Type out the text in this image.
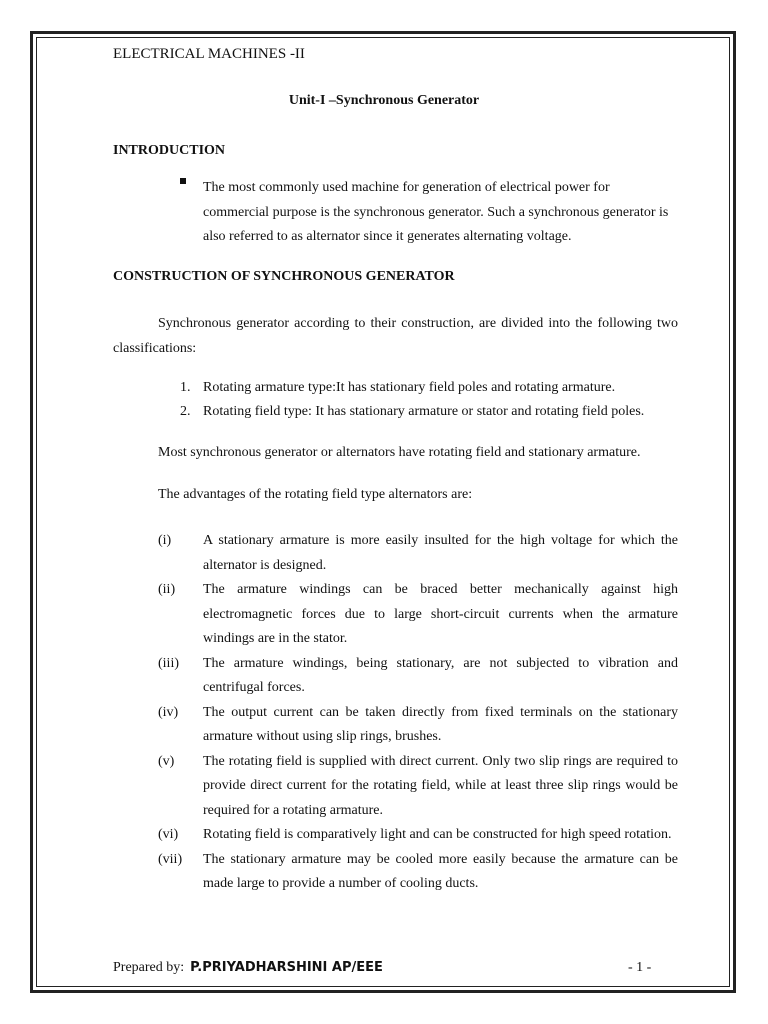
ELECTRICAL MACHINES -II
Unit-I –Synchronous Generator
INTRODUCTION
The most commonly used machine for generation of electrical power for commercial purpose is the synchronous generator. Such a synchronous generator is also referred to as alternator since it generates alternating voltage.
CONSTRUCTION OF SYNCHRONOUS GENERATOR
Synchronous generator according to their construction, are divided into the following two classifications:
1. Rotating armature type:It has stationary field poles and rotating armature.
2. Rotating field type: It has stationary armature or stator and rotating field poles.
Most synchronous generator or alternators have rotating field and stationary armature.
The advantages of the rotating field type alternators are:
(i)	A stationary armature is more easily insulted for the high voltage for which the alternator is designed.
(ii)	The armature windings can be braced better mechanically against high electromagnetic forces due to large short-circuit currents when the armature windings are in the stator.
(iii)	The armature windings, being stationary, are not subjected to vibration and centrifugal forces.
(iv)	The output current can be taken directly from fixed terminals on the stationary armature without using slip rings, brushes.
(v)	The rotating field is supplied with direct current. Only two slip rings are required to provide direct current for the rotating field, while at least three slip rings would be required for a rotating armature.
(vi)	Rotating field is comparatively light and can be constructed for high speed rotation.
(vii)	The stationary armature may be cooled more easily because the armature can be made large to provide a number of cooling ducts.
Prepared by: P.PRIYADHARSHINI AP/EEE	- 1 -
